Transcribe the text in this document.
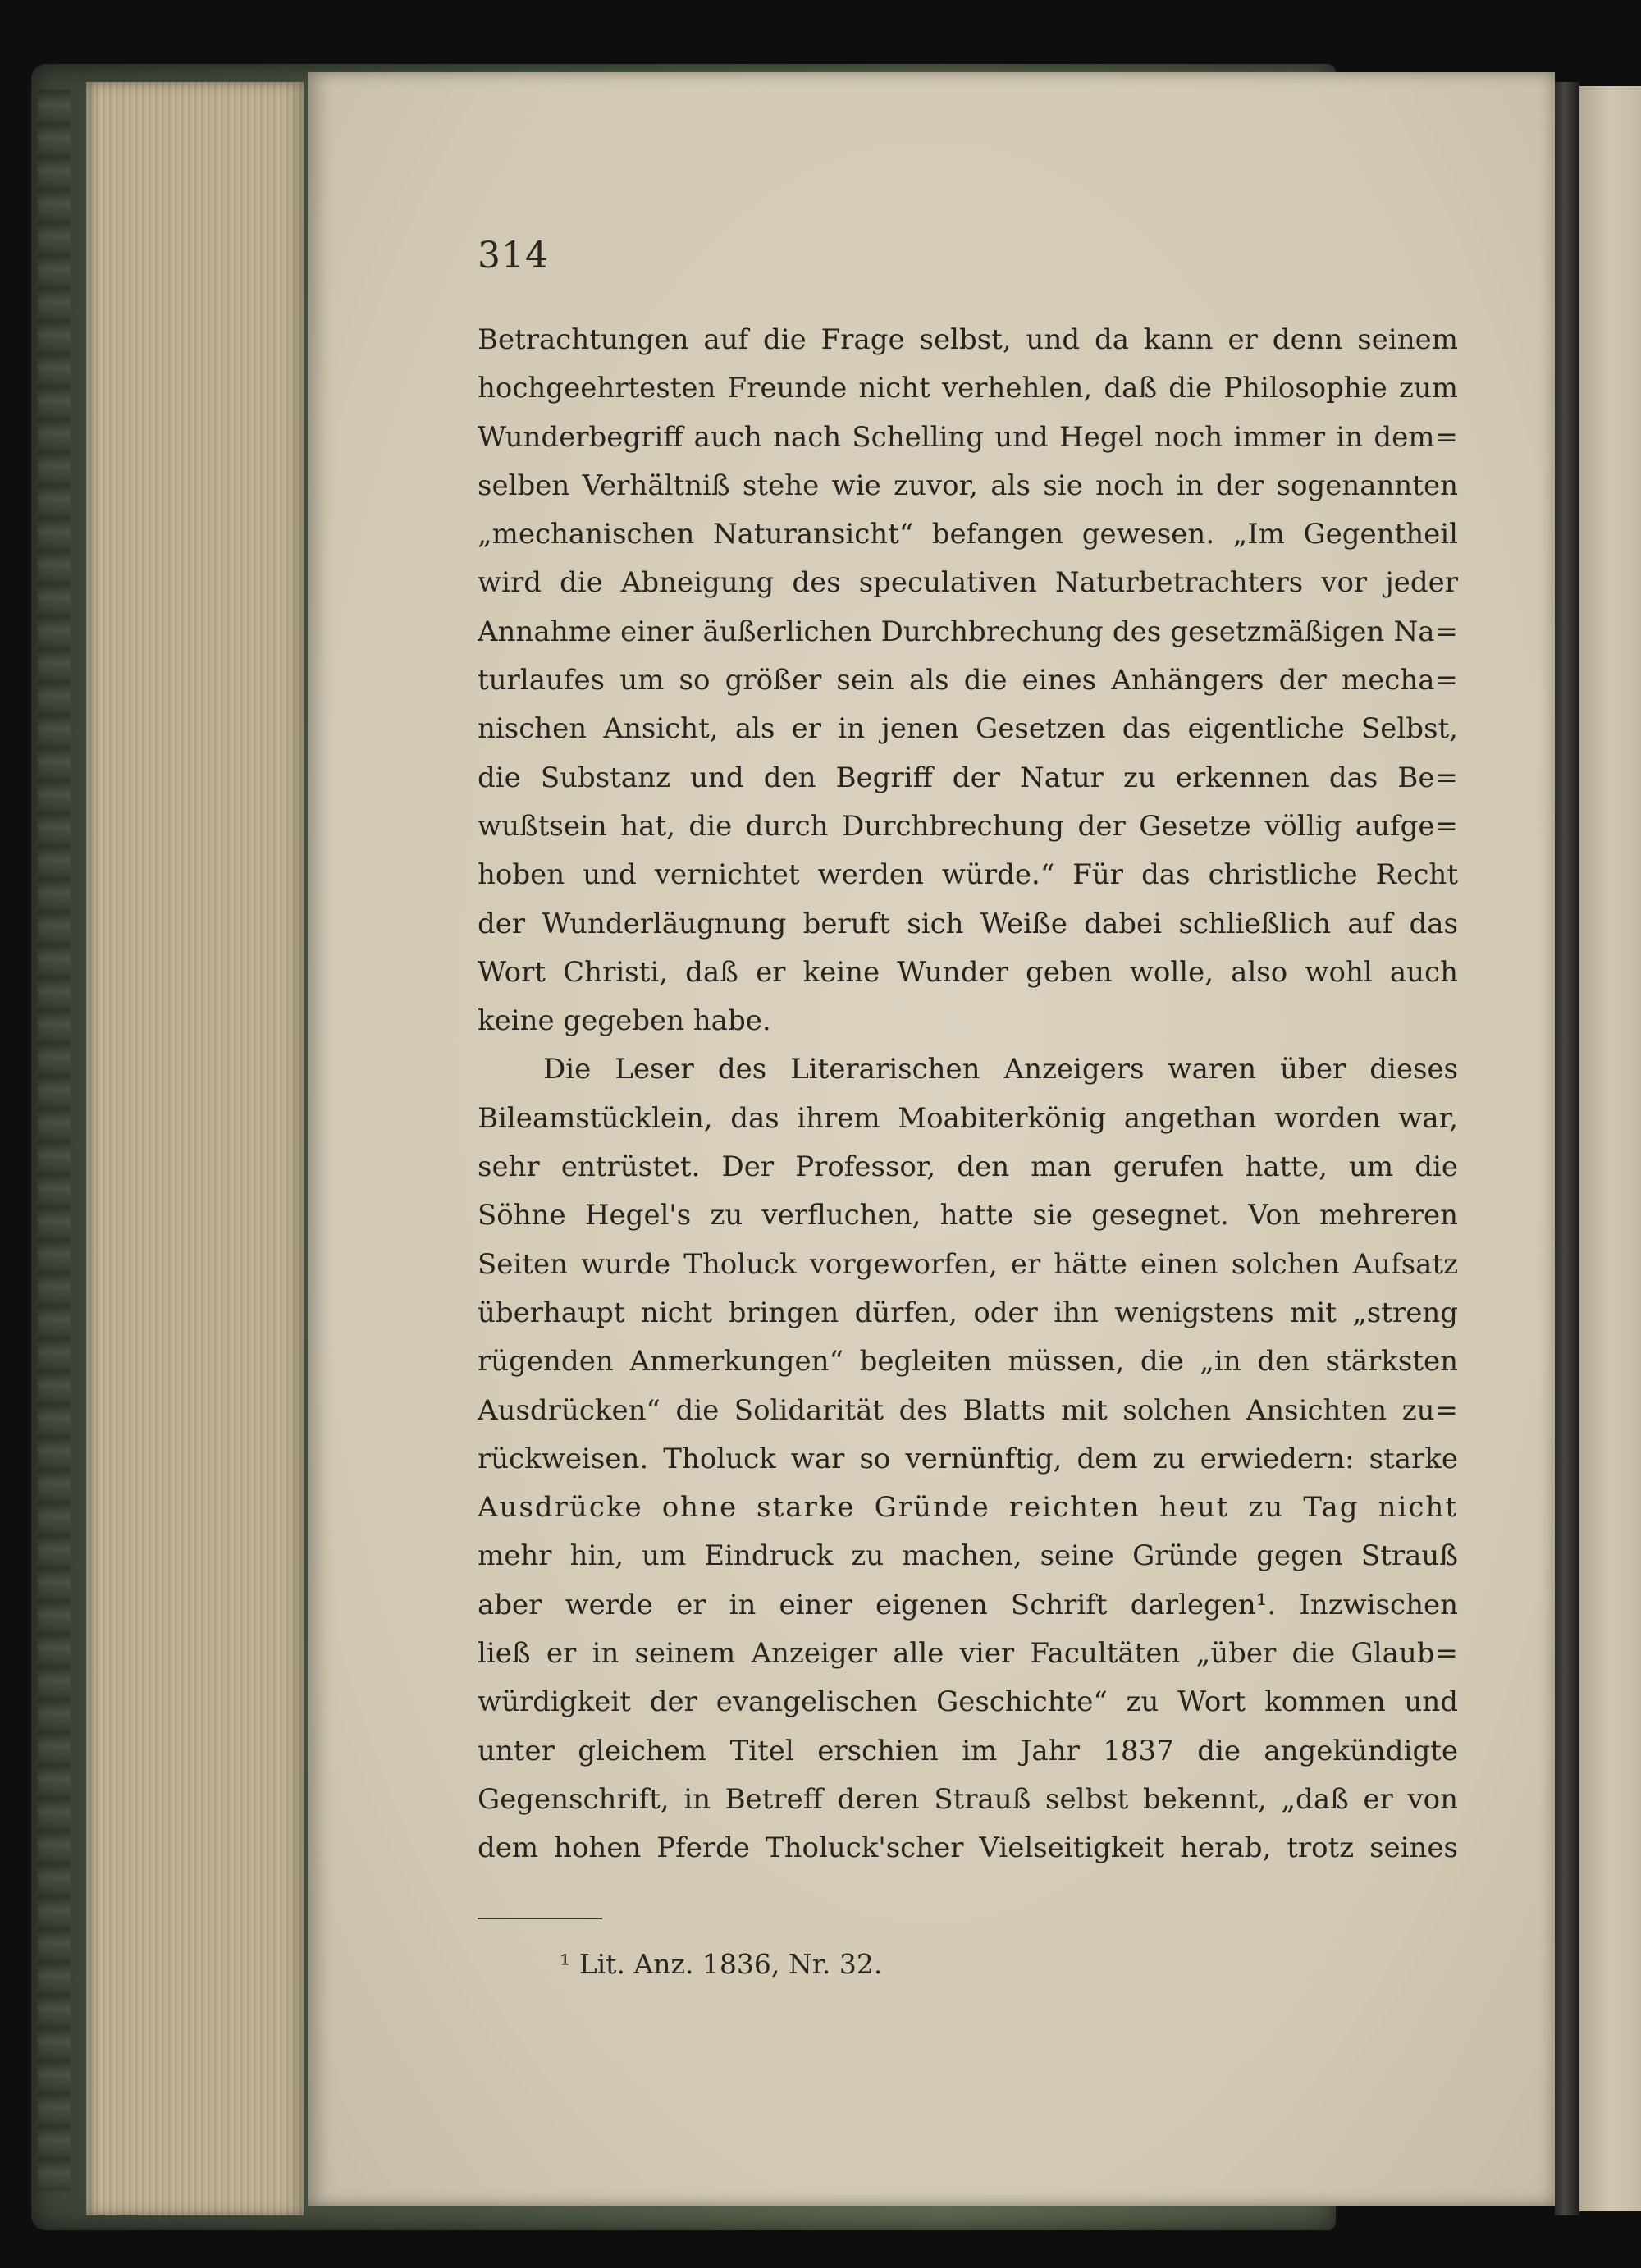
314
Betrachtungen auf die Frage selbst, und da kann er denn seinem
hochgeehrtesten Freunde nicht verhehlen, daß die Philosophie zum
Wunderbegriff auch nach Schelling und Hegel noch immer in dem=
selben Verhältniß stehe wie zuvor, als sie noch in der sogenannten
„mechanischen Naturansicht“ befangen gewesen. „Im Gegentheil
wird die Abneigung des speculativen Naturbetrachters vor jeder
Annahme einer äußerlichen Durchbrechung des gesetzmäßigen Na=
turlaufes um so größer sein als die eines Anhängers der mecha=
nischen Ansicht, als er in jenen Gesetzen das eigentliche Selbst,
die Substanz und den Begriff der Natur zu erkennen das Be=
wußtsein hat, die durch Durchbrechung der Gesetze völlig aufge=
hoben und vernichtet werden würde.“ Für das christliche Recht
der Wunderläugnung beruft sich Weiße dabei schließlich auf das
Wort Christi, daß er keine Wunder geben wolle, also wohl auch
keine gegeben habe.
Die Leser des Literarischen Anzeigers waren über dieses
Bileamstücklein, das ihrem Moabiterkönig angethan worden war,
sehr entrüstet. Der Professor, den man gerufen hatte, um die
Söhne Hegel's zu verfluchen, hatte sie gesegnet. Von mehreren
Seiten wurde Tholuck vorgeworfen, er hätte einen solchen Aufsatz
überhaupt nicht bringen dürfen, oder ihn wenigstens mit „streng
rügenden Anmerkungen“ begleiten müssen, die „in den stärksten
Ausdrücken“ die Solidarität des Blatts mit solchen Ansichten zu=
rückweisen. Tholuck war so vernünftig, dem zu erwiedern: starke
Ausdrücke ohne starke Gründe reichten heut zu Tag nicht
mehr hin, um Eindruck zu machen, seine Gründe gegen Strauß
aber werde er in einer eigenen Schrift darlegen¹. Inzwischen
ließ er in seinem Anzeiger alle vier Facultäten „über die Glaub=
würdigkeit der evangelischen Geschichte“ zu Wort kommen und
unter gleichem Titel erschien im Jahr 1837 die angekündigte
Gegenschrift, in Betreff deren Strauß selbst bekennt, „daß er von
dem hohen Pferde Tholuck'scher Vielseitigkeit herab, trotz seines
¹ Lit. Anz. 1836, Nr. 32.
